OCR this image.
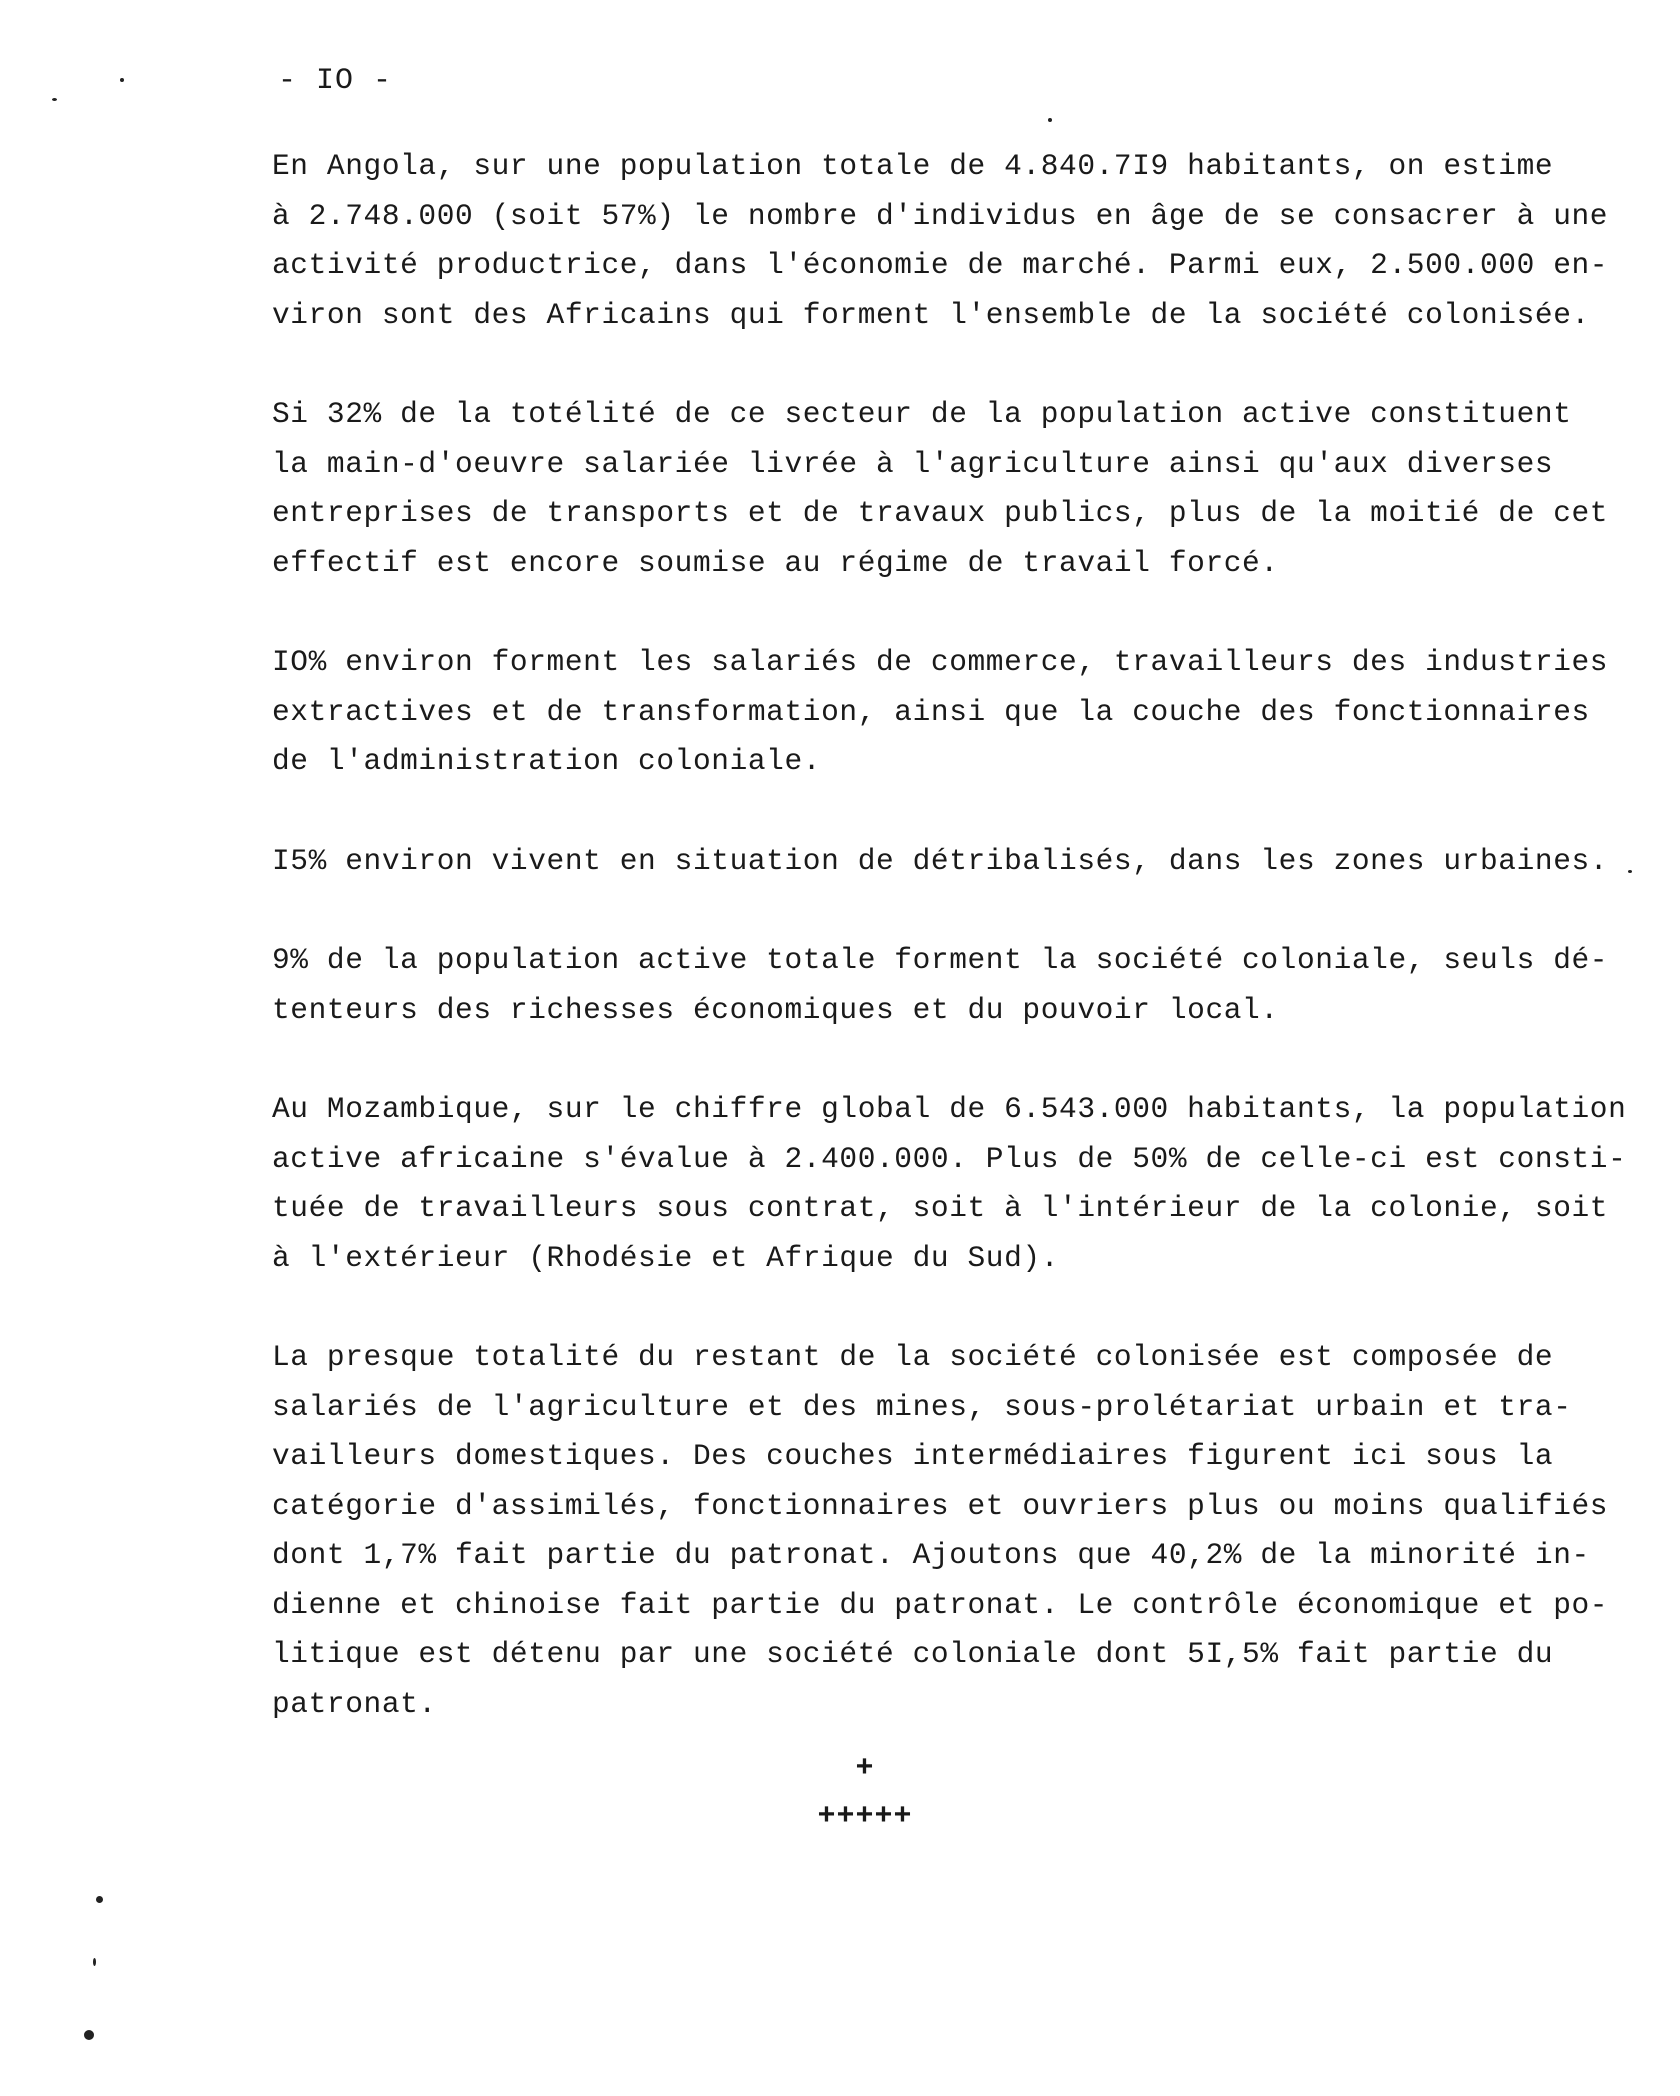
- IO -

En Angola, sur une population totale de 4.840.7I9 habitants, on estime
à 2.748.000 (soit 57%) le nombre d'individus en âge de se consacrer à une
activité productrice, dans l'économie de marché. Parmi eux, 2.500.000 en-
viron sont des Africains qui forment l'ensemble de la société colonisée.

Si 32% de la totélité de ce secteur de la population active constituent
la main-d'oeuvre salariée livrée à l'agriculture ainsi qu'aux diverses
entreprises de transports et de travaux publics, plus de la moitié de cet
effectif est encore soumise au régime de travail forcé.

IO% environ forment les salariés de commerce, travailleurs des industries
extractives et de transformation, ainsi que la couche des fonctionnaires
de l'administration coloniale.

I5% environ vivent en situation de détribalisés, dans les zones urbaines.

9% de la population active totale forment la société coloniale, seuls dé-
tenteurs des richesses économiques et du pouvoir local.

Au Mozambique, sur le chiffre global de 6.543.000 habitants, la population
active africaine s'évalue à 2.400.000. Plus de 50% de celle-ci est consti-
tuée de travailleurs sous contrat, soit à l'intérieur de la colonie, soit
à l'extérieur (Rhodésie et Afrique du Sud).

La presque totalité du restant de la société colonisée est composée de
salariés de l'agriculture et des mines, sous-prolétariat urbain et tra-
vailleurs domestiques. Des couches intermédiaires figurent ici sous la
catégorie d'assimilés, fonctionnaires et ouvriers plus ou moins qualifiés
dont 1,7% fait partie du patronat. Ajoutons que 40,2% de la minorité in-
dienne et chinoise fait partie du patronat. Le contrôle économique et po-
litique est détenu par une société coloniale dont 5I,5% fait partie du
patronat.

+
+++++
